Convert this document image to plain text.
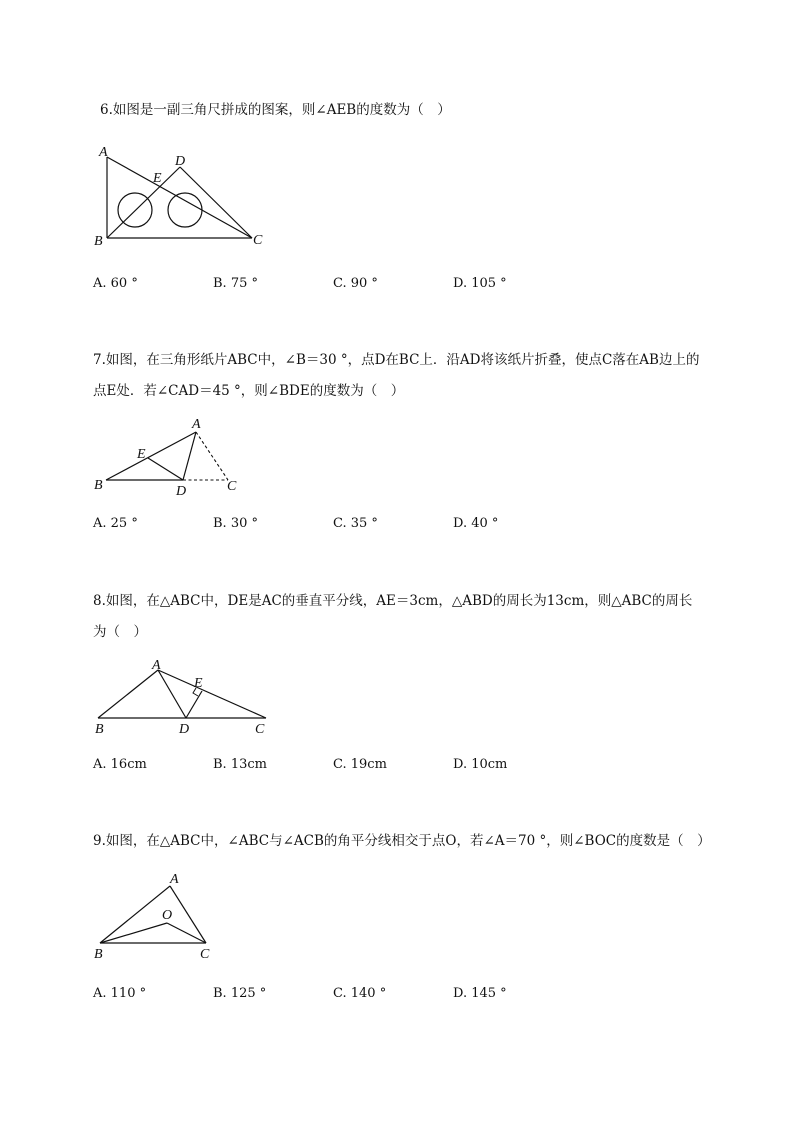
6.如图是一副三角尺拼成的图案，则∠AEB的度数为（　）
A
D
E
B	C
A. 60 °	B. 75 °	C. 90 °	D. 105 °
7.如图，在三角形纸片ABC中，∠B＝30 °，点D在BC上．沿AD将该纸片折叠，使点C落在AB边上的
点E处．若∠CAD＝45 °，则∠BDE的度数为（　）
A
E
B	D	C
A. 25 °	B. 30 °	C. 35 °	D. 40 °
8.如图，在△ABC中，DE是AC的垂直平分线，AE＝3cm，△ABD的周长为13cm，则△ABC的周长
为（　）
A
E
B	D	C
A. 16cm	B. 13cm	C. 19cm	D. 10cm
9.如图，在△ABC中，∠ABC与∠ACB的角平分线相交于点O，若∠A＝70 °，则∠BOC的度数是（　）
A
O
B	C
A. 110 °	B. 125 °	C. 140 °	D. 145 °
